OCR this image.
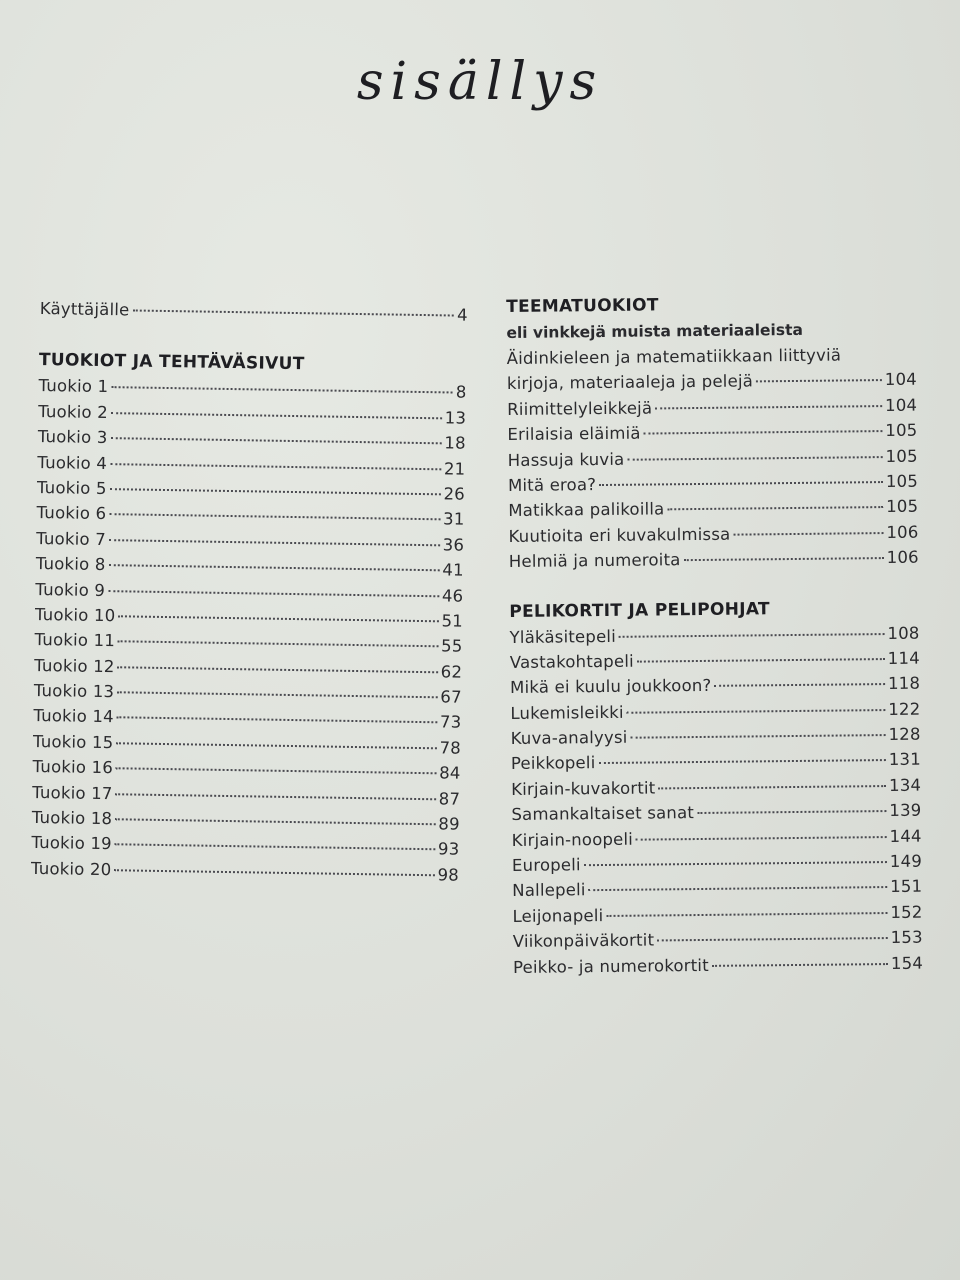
sisällys
Käyttäjälle	4
TUOKIOT JA TEHTÄVÄSIVUT
Tuokio 1	8
Tuokio 2	13
Tuokio 3	18
Tuokio 4	21
Tuokio 5	26
Tuokio 6	31
Tuokio 7	36
Tuokio 8	41
Tuokio 9	46
Tuokio 10	51
Tuokio 11	55
Tuokio 12	62
Tuokio 13	67
Tuokio 14	73
Tuokio 15	78
Tuokio 16	84
Tuokio 17	87
Tuokio 18	89
Tuokio 19	93
Tuokio 20	98
TEEMATUOKIOT
eli vinkkejä muista materiaaleista
Äidinkieleen ja matematiikkaan liittyviä
kirjoja, materiaaleja ja pelejä	104
Riimittelyleikkejä	104
Erilaisia eläimiä	105
Hassuja kuvia	105
Mitä eroa?	105
Matikkaa palikoilla	105
Kuutioita eri kuvakulmissa	106
Helmiä ja numeroita	106
PELIKORTIT JA PELIPOHJAT
Yläkäsitepeli	108
Vastakohtapeli	114
Mikä ei kuulu joukkoon?	118
Lukemisleikki	122
Kuva-analyysi	128
Peikkopeli	131
Kirjain-kuvakortit	134
Samankaltaiset sanat	139
Kirjain-noopeli	144
Europeli	149
Nallepeli	151
Leijonapeli	152
Viikonpäiväkortit	153
Peikko- ja numerokortit	154
